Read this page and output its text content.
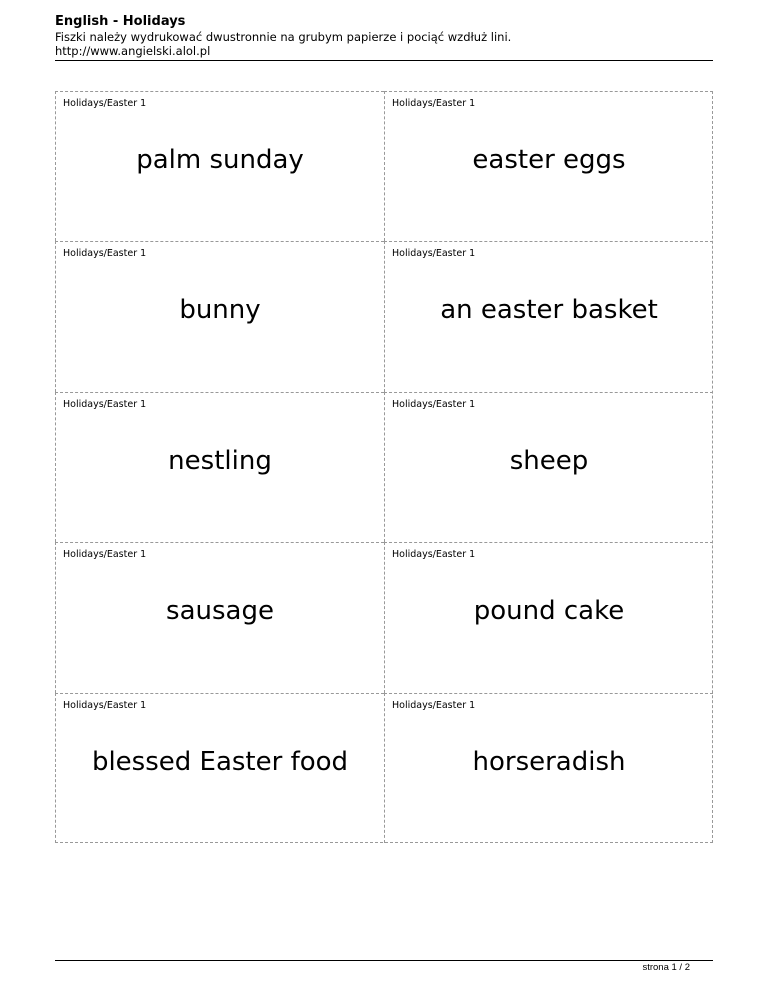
English - Holidays
Fiszki należy wydrukować dwustronnie na grubym papierze i pociąć wzdłuż lini.
http://www.angielski.alol.pl
Holidays/Easter 1
palm sunday
Holidays/Easter 1
easter eggs
Holidays/Easter 1
bunny
Holidays/Easter 1
an easter basket
Holidays/Easter 1
nestling
Holidays/Easter 1
sheep
Holidays/Easter 1
sausage
Holidays/Easter 1
pound cake
Holidays/Easter 1
blessed Easter food
Holidays/Easter 1
horseradish
strona 1 / 2
